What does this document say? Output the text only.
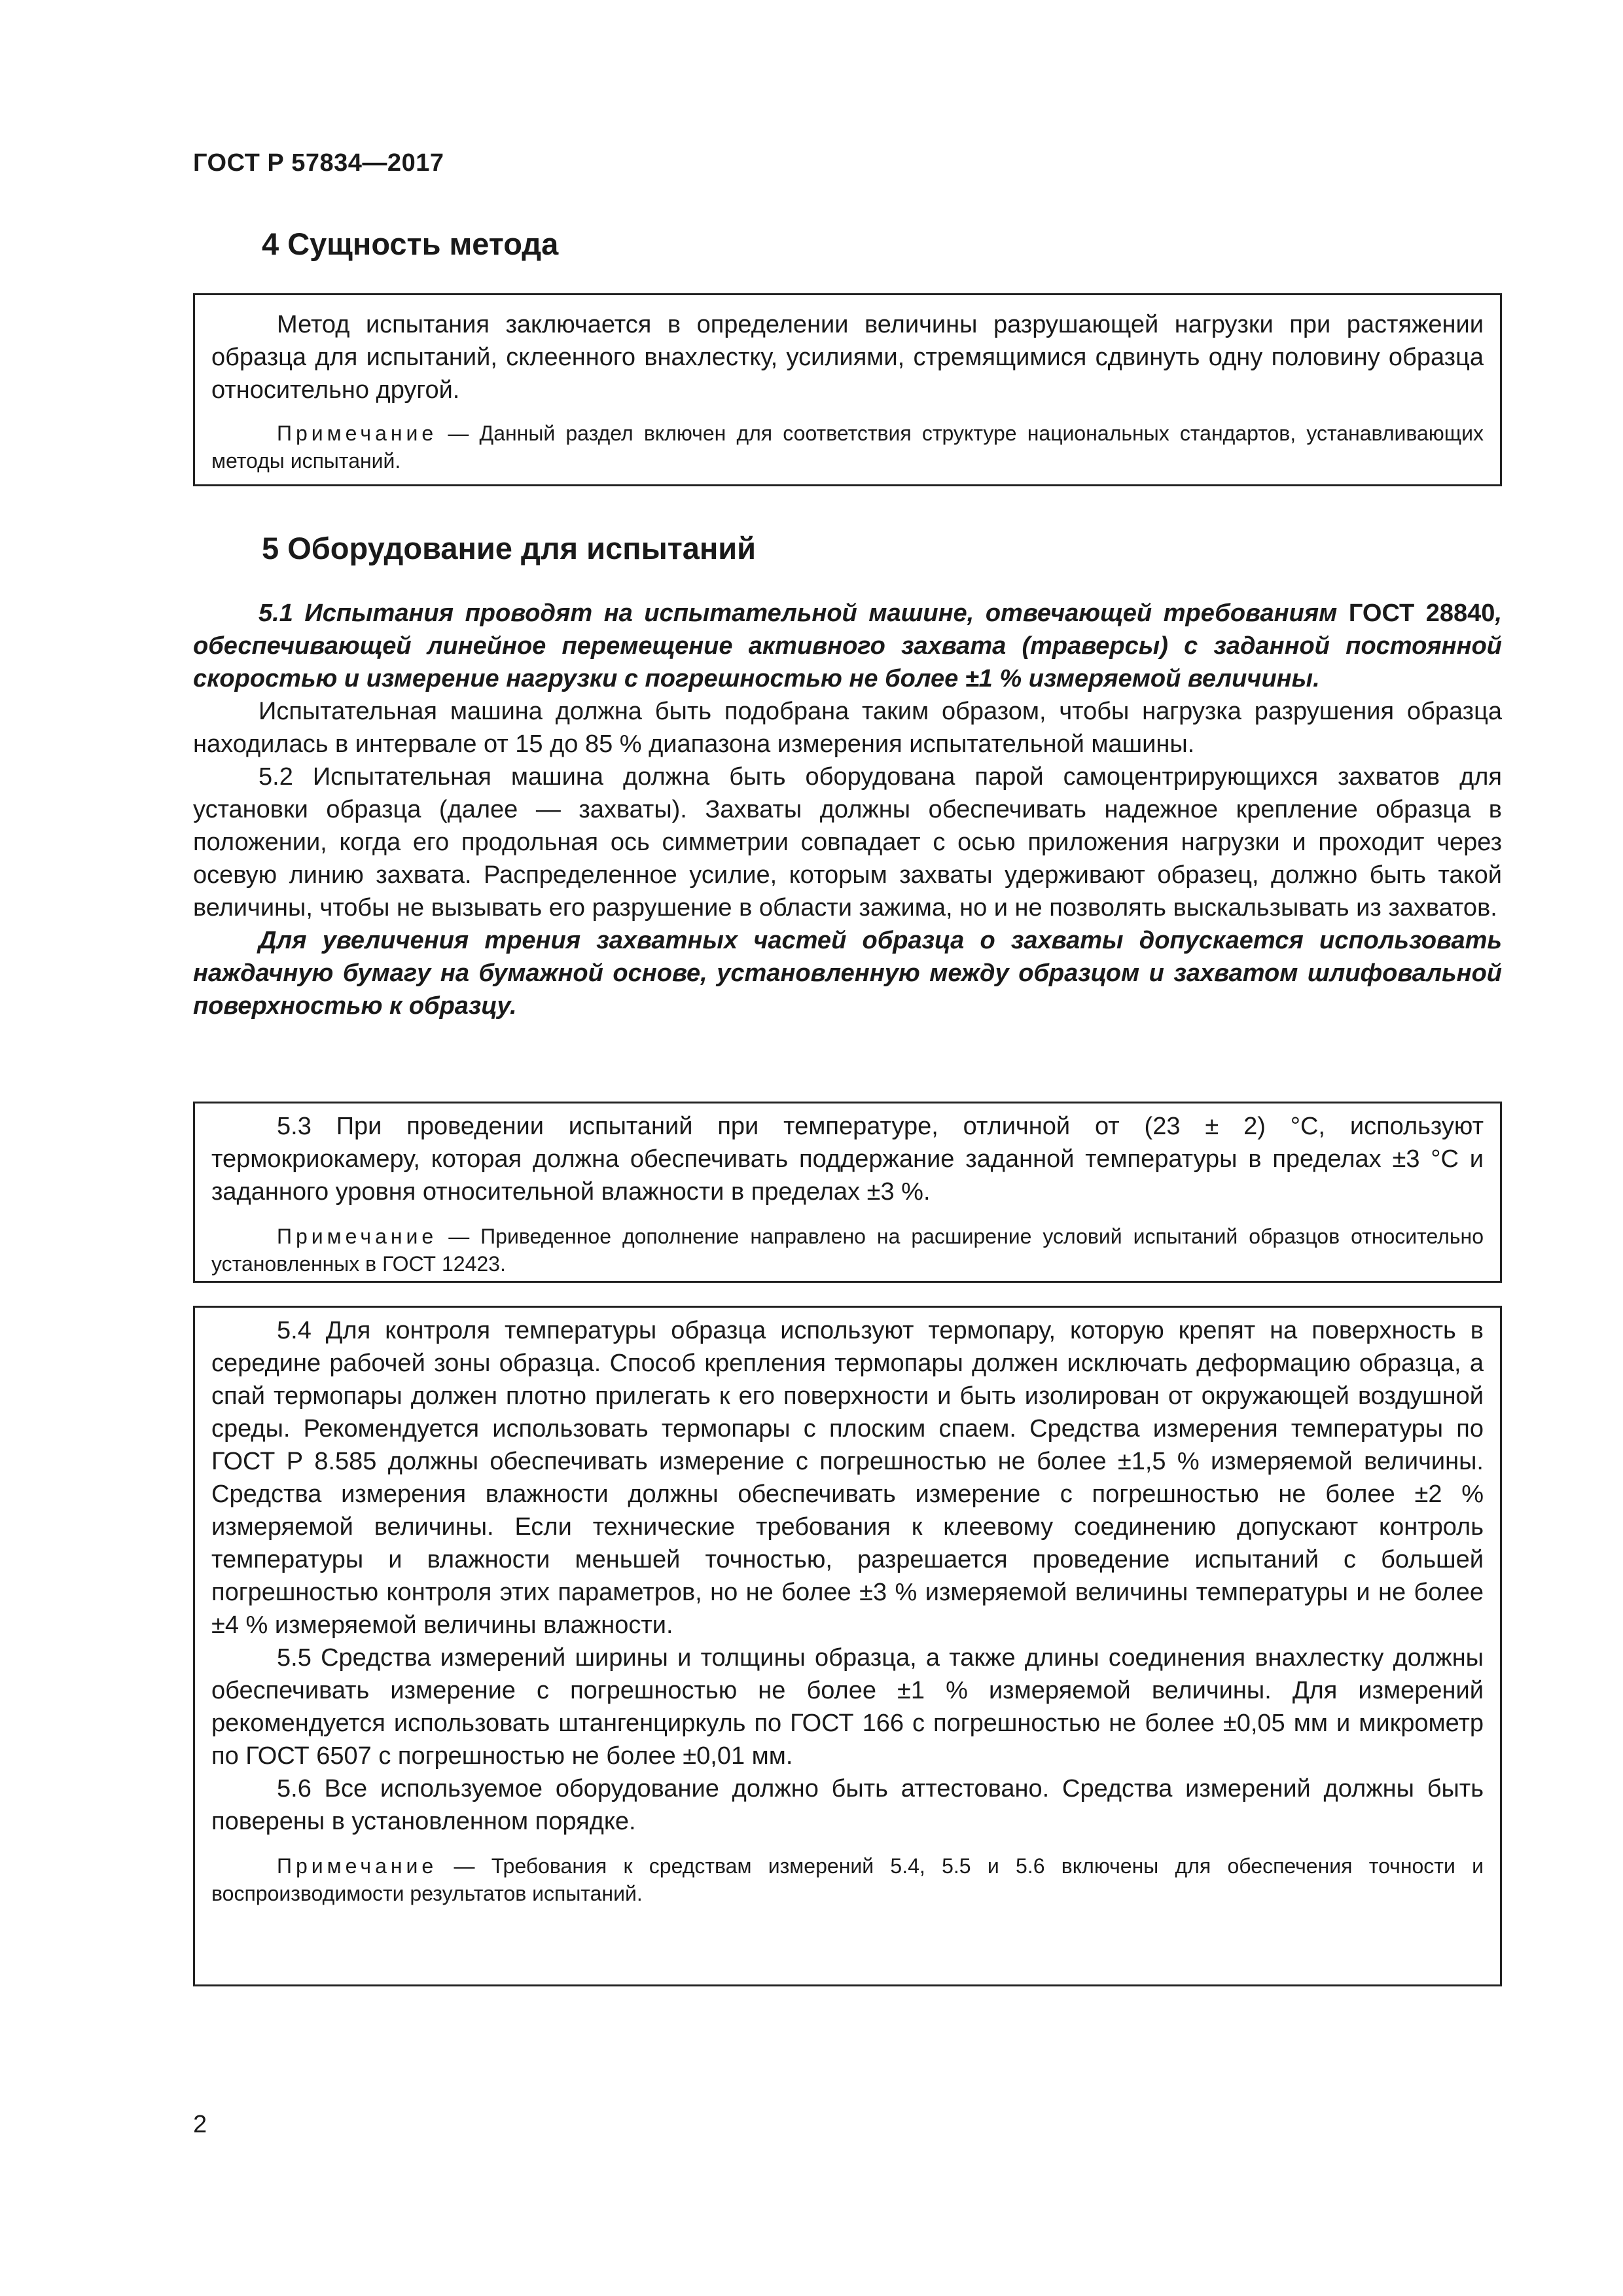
ГОСТ Р 57834—2017
4 Сущность метода

Метод испытания заключается в определении величины разрушающей нагрузки при растяжении образца для испытаний, склеенного внахлестку, усилиями, стремящимися сдвинуть одну половину образца относительно другой.

Примечание — Данный раздел включен для соответствия структуре национальных стандартов, устанавливающих методы испытаний.

5 Оборудование для испытаний

5.1 Испытания проводят на испытательной машине, отвечающей требованиям ГОСТ 28840, обеспечивающей линейное перемещение активного захвата (траверсы) с заданной постоянной скоростью и измерение нагрузки с погрешностью не более ±1 % измеряемой величины.

Испытательная машина должна быть подобрана таким образом, чтобы нагрузка разрушения образца находилась в интервале от 15 до 85 % диапазона измерения испытательной машины.

5.2 Испытательная машина должна быть оборудована парой самоцентрирующихся захватов для установки образца (далее — захваты). Захваты должны обеспечивать надежное крепление образца в положении, когда его продольная ось симметрии совпадает с осью приложения нагрузки и проходит через осевую линию захвата. Распределенное усилие, которым захваты удерживают образец, должно быть такой величины, чтобы не вызывать его разрушение в области зажима, но и не позволять выскальзывать из захватов.

Для увеличения трения захватных частей образца о захваты допускается использовать наждачную бумагу на бумажной основе, установленную между образцом и захватом шлифовальной поверхностью к образцу.

5.3 При проведении испытаний при температуре, отличной от (23 ± 2) °С, используют термокриокамеру, которая должна обеспечивать поддержание заданной температуры в пределах ±3 °С и заданного уровня относительной влажности в пределах ±3 %.

Примечание — Приведенное дополнение направлено на расширение условий испытаний образцов относительно установленных в ГОСТ 12423.

5.4 Для контроля температуры образца используют термопару, которую крепят на поверхность в середине рабочей зоны образца. Способ крепления термопары должен исключать деформацию образца, а спай термопары должен плотно прилегать к его поверхности и быть изолирован от окружающей воздушной среды. Рекомендуется использовать термопары с плоским спаем. Средства измерения температуры по ГОСТ Р 8.585 должны обеспечивать измерение с погрешностью не более ±1,5 % измеряемой величины. Средства измерения влажности должны обеспечивать измерение с погрешностью не более ±2 % измеряемой величины. Если технические требования к клеевому соединению допускают контроль температуры и влажности меньшей точностью, разрешается проведение испытаний с большей погрешностью контроля этих параметров, но не более ±3 % измеряемой величины температуры и не более ±4 % измеряемой величины влажности.

5.5 Средства измерений ширины и толщины образца, а также длины соединения внахлестку должны обеспечивать измерение с погрешностью не более ±1 % измеряемой величины. Для измерений рекомендуется использовать штангенциркуль по ГОСТ 166 с погрешностью не более ±0,05 мм и микрометр по ГОСТ 6507 с погрешностью не более ±0,01 мм.

5.6 Все используемое оборудование должно быть аттестовано. Средства измерений должны быть поверены в установленном порядке.

Примечание — Требования к средствам измерений 5.4, 5.5 и 5.6 включены для обеспечения точности и воспроизводимости результатов испытаний.

2
